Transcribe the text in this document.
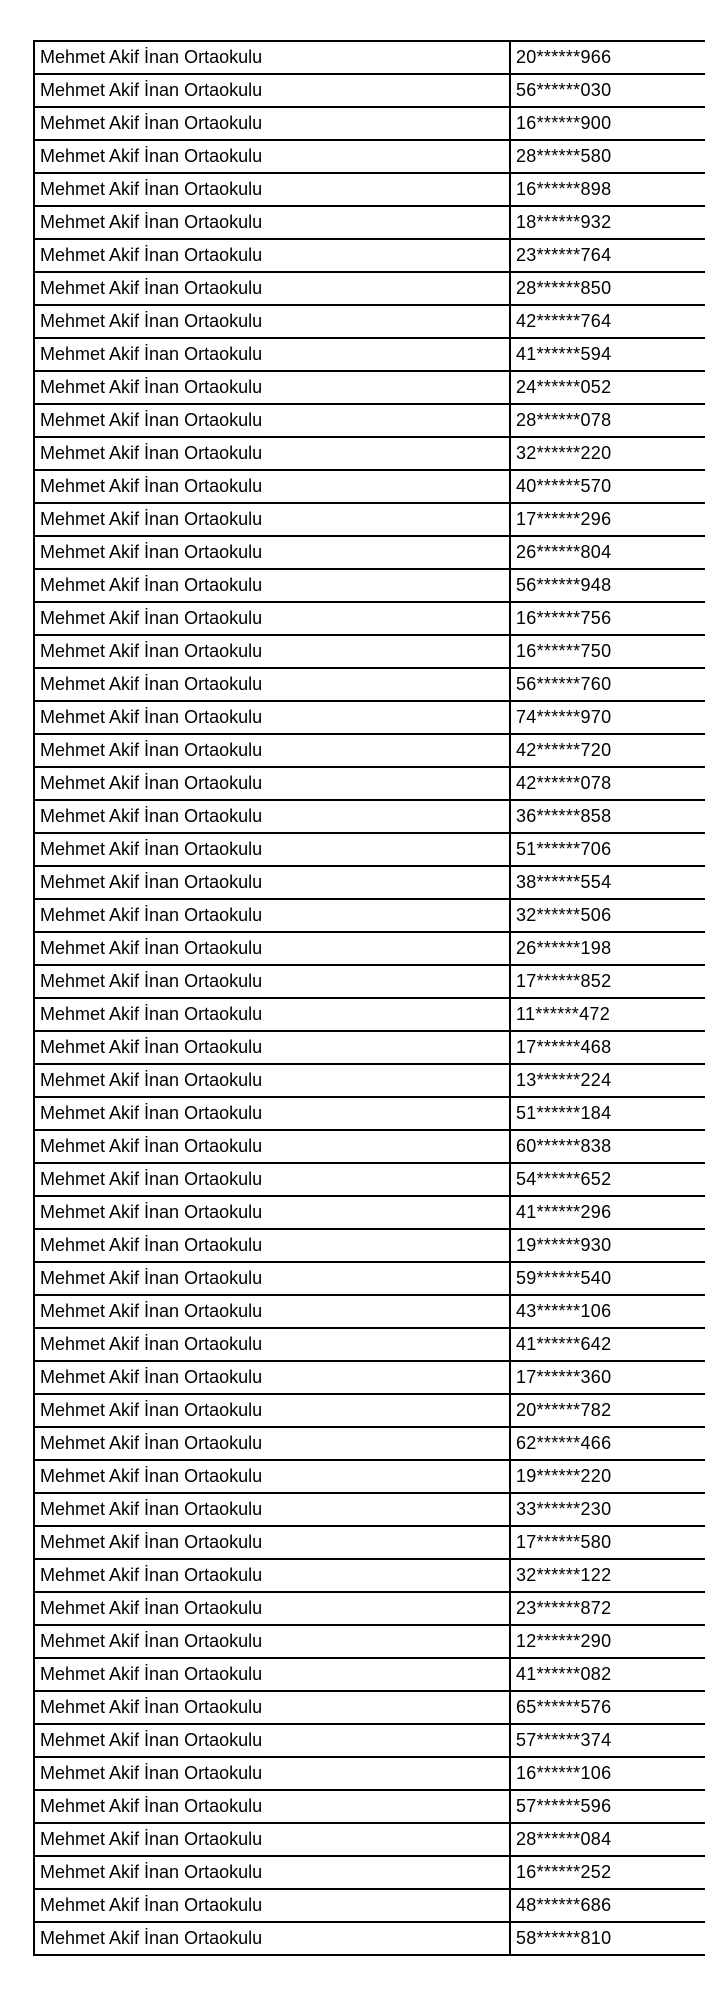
Mehmet Akif İnan Ortaokulu	20******966
Mehmet Akif İnan Ortaokulu	56******030
Mehmet Akif İnan Ortaokulu	16******900
Mehmet Akif İnan Ortaokulu	28******580
Mehmet Akif İnan Ortaokulu	16******898
Mehmet Akif İnan Ortaokulu	18******932
Mehmet Akif İnan Ortaokulu	23******764
Mehmet Akif İnan Ortaokulu	28******850
Mehmet Akif İnan Ortaokulu	42******764
Mehmet Akif İnan Ortaokulu	41******594
Mehmet Akif İnan Ortaokulu	24******052
Mehmet Akif İnan Ortaokulu	28******078
Mehmet Akif İnan Ortaokulu	32******220
Mehmet Akif İnan Ortaokulu	40******570
Mehmet Akif İnan Ortaokulu	17******296
Mehmet Akif İnan Ortaokulu	26******804
Mehmet Akif İnan Ortaokulu	56******948
Mehmet Akif İnan Ortaokulu	16******756
Mehmet Akif İnan Ortaokulu	16******750
Mehmet Akif İnan Ortaokulu	56******760
Mehmet Akif İnan Ortaokulu	74******970
Mehmet Akif İnan Ortaokulu	42******720
Mehmet Akif İnan Ortaokulu	42******078
Mehmet Akif İnan Ortaokulu	36******858
Mehmet Akif İnan Ortaokulu	51******706
Mehmet Akif İnan Ortaokulu	38******554
Mehmet Akif İnan Ortaokulu	32******506
Mehmet Akif İnan Ortaokulu	26******198
Mehmet Akif İnan Ortaokulu	17******852
Mehmet Akif İnan Ortaokulu	11******472
Mehmet Akif İnan Ortaokulu	17******468
Mehmet Akif İnan Ortaokulu	13******224
Mehmet Akif İnan Ortaokulu	51******184
Mehmet Akif İnan Ortaokulu	60******838
Mehmet Akif İnan Ortaokulu	54******652
Mehmet Akif İnan Ortaokulu	41******296
Mehmet Akif İnan Ortaokulu	19******930
Mehmet Akif İnan Ortaokulu	59******540
Mehmet Akif İnan Ortaokulu	43******106
Mehmet Akif İnan Ortaokulu	41******642
Mehmet Akif İnan Ortaokulu	17******360
Mehmet Akif İnan Ortaokulu	20******782
Mehmet Akif İnan Ortaokulu	62******466
Mehmet Akif İnan Ortaokulu	19******220
Mehmet Akif İnan Ortaokulu	33******230
Mehmet Akif İnan Ortaokulu	17******580
Mehmet Akif İnan Ortaokulu	32******122
Mehmet Akif İnan Ortaokulu	23******872
Mehmet Akif İnan Ortaokulu	12******290
Mehmet Akif İnan Ortaokulu	41******082
Mehmet Akif İnan Ortaokulu	65******576
Mehmet Akif İnan Ortaokulu	57******374
Mehmet Akif İnan Ortaokulu	16******106
Mehmet Akif İnan Ortaokulu	57******596
Mehmet Akif İnan Ortaokulu	28******084
Mehmet Akif İnan Ortaokulu	16******252
Mehmet Akif İnan Ortaokulu	48******686
Mehmet Akif İnan Ortaokulu	58******810
